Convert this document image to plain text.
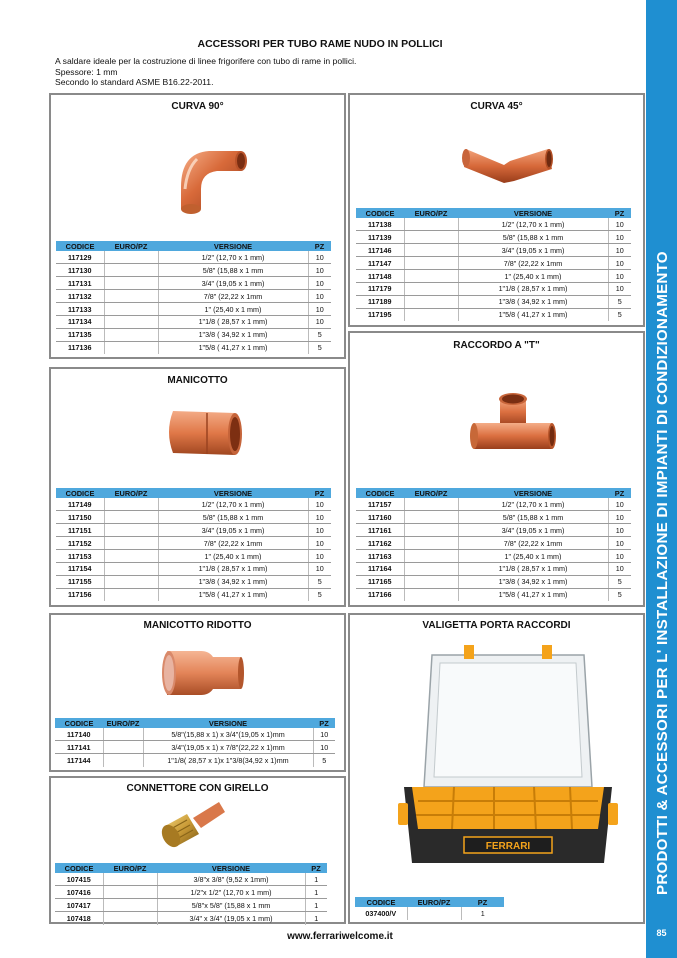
ACCESSORI PER TUBO RAME NUDO IN POLLICI
A saldare ideale per la costruzione di linee frigorifere con tubo di rame in pollici.
Spessore: 1 mm
Secondo lo standard ASME B16.22-2011.
CURVA 90°
CODICE	EURO/PZ	VERSIONE	PZ
117129		1/2" (12,70 x 1 mm)	10
117130		5/8" (15,88 x 1 mm	10
117131		3/4" (19,05 x 1 mm)	10
117132		7/8" (22,22 x 1mm	10
117133		1" (25,40 x 1 mm)	10
117134		1"1/8 ( 28,57 x 1 mm)	10
117135		1"3/8 ( 34,92 x 1 mm)	5
117136		1"5/8 ( 41,27 x 1 mm)	5
CURVA 45°
CODICE	EURO/PZ	VERSIONE	PZ
117138		1/2" (12,70 x 1 mm)	10
117139		5/8" (15,88 x 1 mm	10
117146		3/4" (19,05 x 1 mm)	10
117147		7/8" (22,22 x 1mm	10
117148		1" (25,40 x 1 mm)	10
117179		1"1/8 ( 28,57 x 1 mm)	10
117189		1"3/8 ( 34,92 x 1 mm)	5
117195		1"5/8 ( 41,27 x 1 mm)	5
MANICOTTO
CODICE	EURO/PZ	VERSIONE	PZ
117149		1/2" (12,70 x 1 mm)	10
117150		5/8" (15,88 x 1 mm	10
117151		3/4" (19,05 x 1 mm)	10
117152		7/8" (22,22 x 1mm	10
117153		1" (25,40 x 1 mm)	10
117154		1"1/8 ( 28,57 x 1 mm)	10
117155		1"3/8 ( 34,92 x 1 mm)	5
117156		1"5/8 ( 41,27 x 1 mm)	5
RACCORDO A "T"
CODICE	EURO/PZ	VERSIONE	PZ
117157		1/2" (12,70 x 1 mm)	10
117160		5/8" (15,88 x 1 mm	10
117161		3/4" (19,05 x 1 mm)	10
117162		7/8" (22,22 x 1mm	10
117163		1" (25,40 x 1 mm)	10
117164		1"1/8 ( 28,57 x 1 mm)	10
117165		1"3/8 ( 34,92 x 1 mm)	5
117166		1"5/8 ( 41,27 x 1 mm)	5
MANICOTTO RIDOTTO
CODICE	EURO/PZ	VERSIONE	PZ
117140		5/8"(15,88 x 1) x 3/4"(19,05 x 1)mm	10
117141		3/4"(19,05 x 1) x 7/8"(22,22 x 1)mm	10
117144		1"1/8( 28,57 x 1)x 1"3/8(34,92 x 1)mm	5
CONNETTORE CON GIRELLO
CODICE	EURO/PZ	VERSIONE	PZ
107415		3/8"x 3/8" (9,52 x 1mm)	1
107416		1/2"x 1/2" (12,70 x 1 mm)	1
107417		5/8"x 5/8" (15,88 x 1 mm	1
107418		3/4" x 3/4" (19,05 x 1 mm)	1
VALIGETTA PORTA RACCORDI
FERRARI
CODICE	EURO/PZ	PZ
037400/V		1
PRODOTTI & ACCESSORI PER L' INSTALLAZIONE DI IMPIANTI DI CONDIZIONAMENTO
85
www.ferrariwelcome.it
